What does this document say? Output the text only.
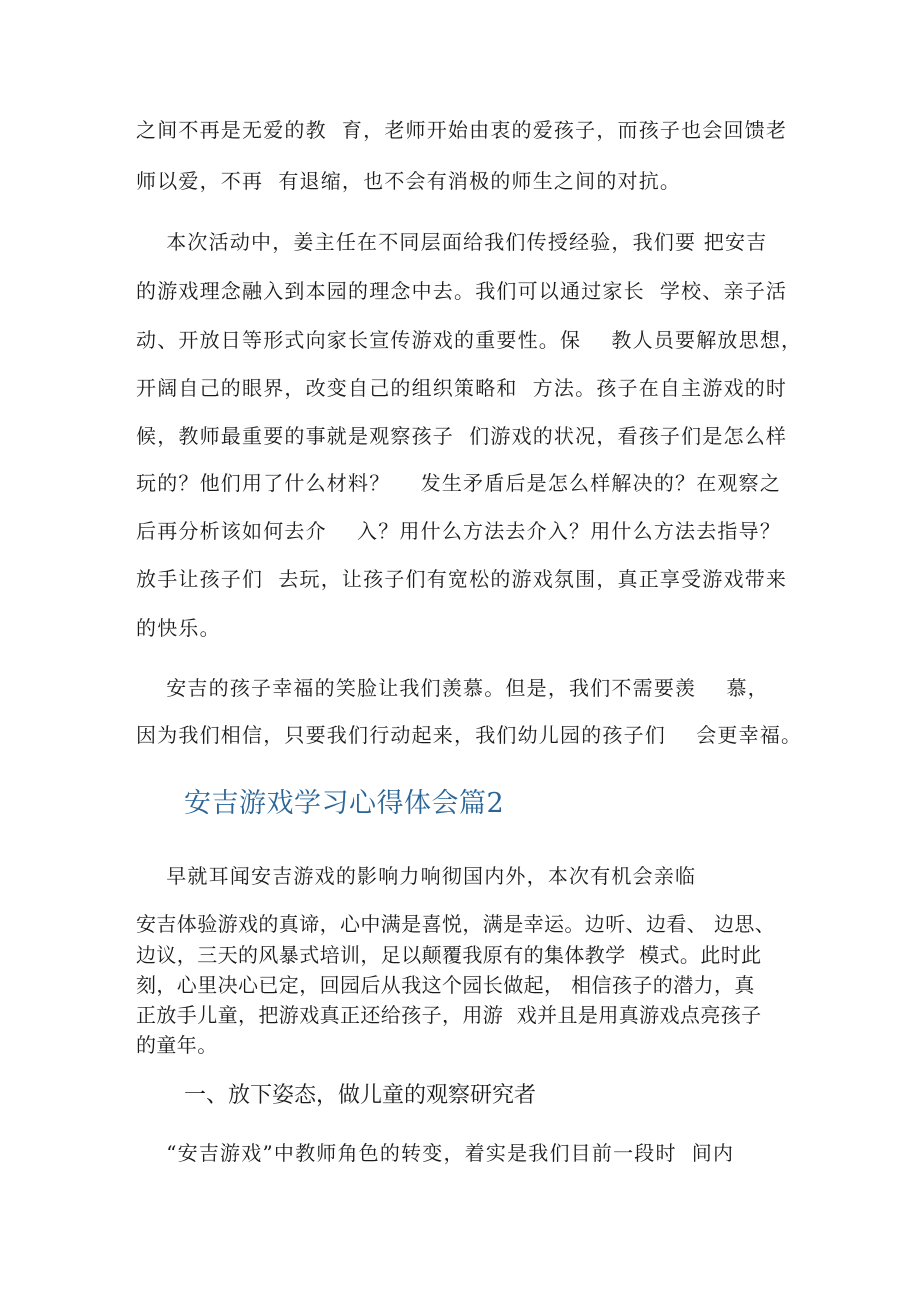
之间不再是无爱的教  育，老师开始由衷的爱孩子，而孩子也会回馈老
师以爱，不再  有退缩，也不会有消极的师生之间的对抗。
本次活动中，姜主任在不同层面给我们传授经验，我们要 把安吉
的游戏理念融入到本园的理念中去。我们可以通过家长  学校、亲子活
动、开放日等形式向家长宣传游戏的重要性。保    教人员要解放思想，
开阔自己的眼界，改变自己的组织策略和  方法。孩子在自主游戏的时
候，教师最重要的事就是观察孩子  们游戏的状况，看孩子们是怎么样
玩的？他们用了什么材料？    发生矛盾后是怎么样解决的？在观察之
后再分析该如何去介    入？用什么方法去介入？用什么方法去指导？
放手让孩子们  去玩，让孩子们有宽松的游戏氛围，真正享受游戏带来
的快乐。
安吉的孩子幸福的笑脸让我们羡慕。但是，我们不需要羡    慕，
因为我们相信，只要我们行动起来，我们幼儿园的孩子们    会更幸福。
安吉游戏学习心得体会篇2
早就耳闻安吉游戏的影响力响彻国内外，本次有机会亲临
安吉体验游戏的真谛，心中满是喜悦，满是幸运。边听、边看、 边思、
边议，三天的风暴式培训，足以颠覆我原有的集体教学  模式。此时此
刻，心里决心已定，回园后从我这个园长做起， 相信孩子的潜力，真
正放手儿童，把游戏真正还给孩子，用游  戏并且是用真游戏点亮孩子
的童年。
一、放下姿态，做儿童的观察研究者
“安吉游戏”中教师角色的转变，着实是我们目前一段时  间内
